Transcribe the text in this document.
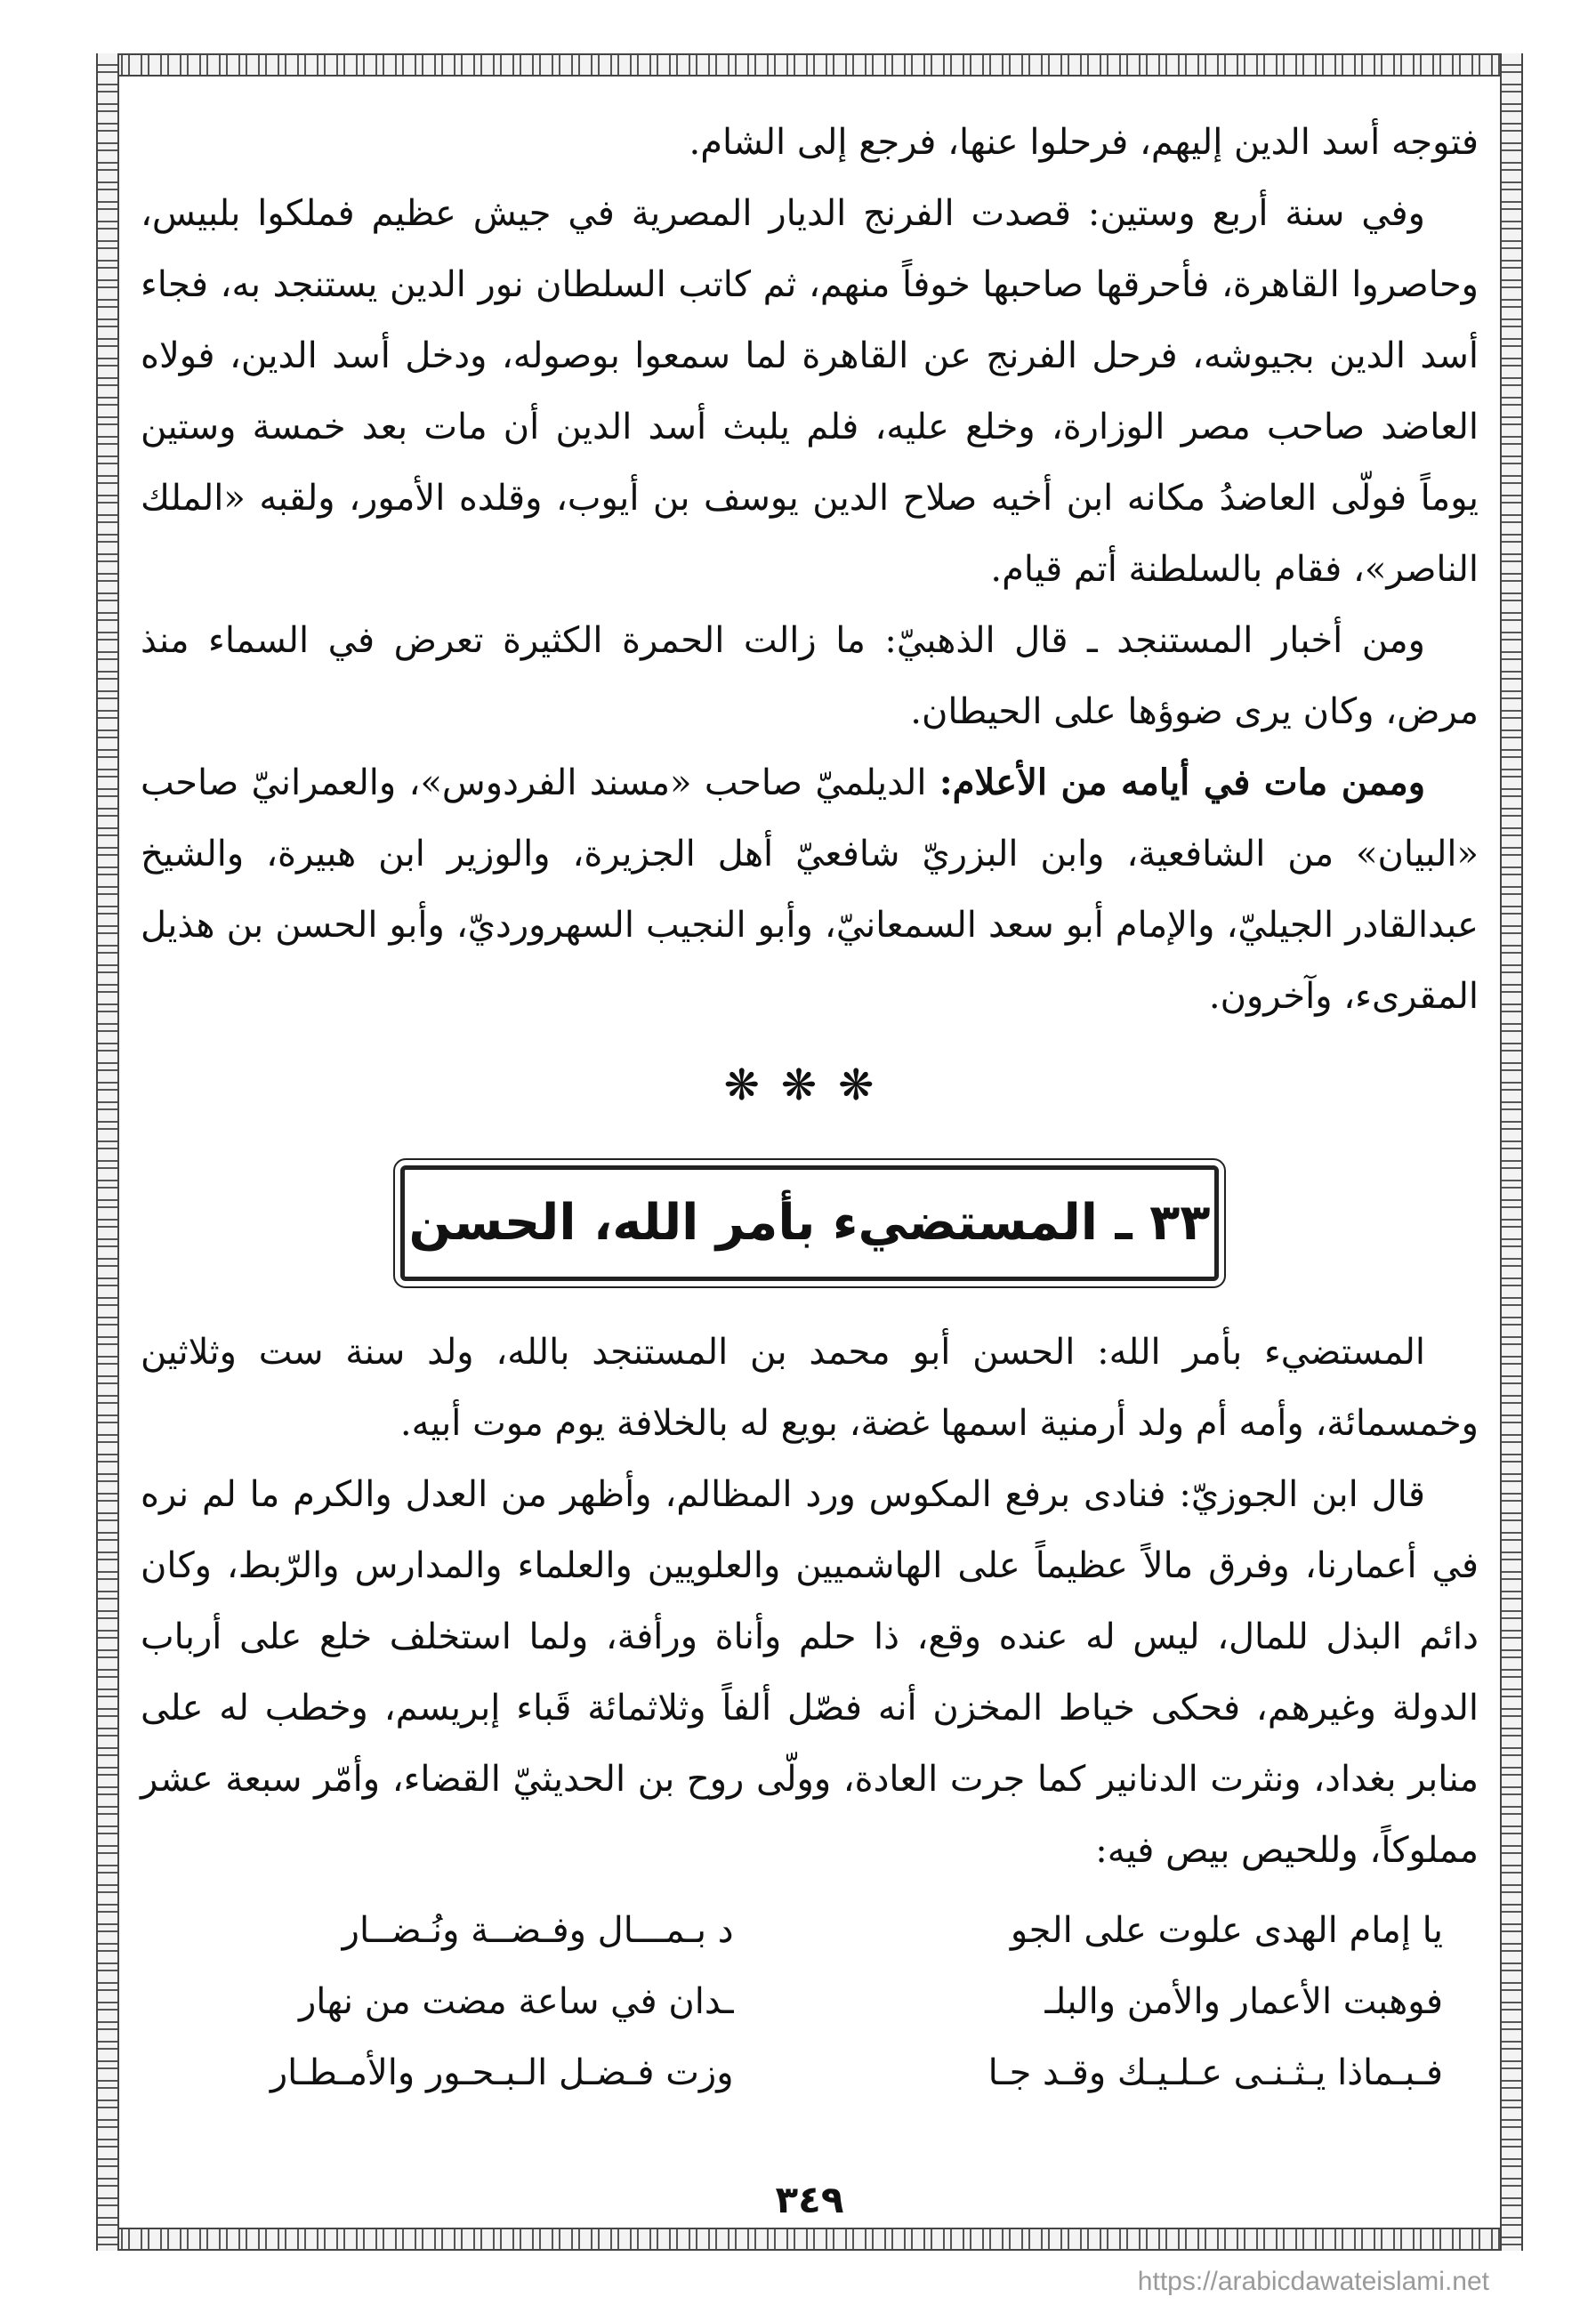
فتوجه أسد الدين إليهم، فرحلوا عنها، فرجع إلى الشام.

وفي سنة أربع وستين: قصدت الفرنج الديار المصرية في جيش عظيم فملكوا بلبيس، وحاصروا القاهرة، فأحرقها صاحبها خوفاً منهم، ثم كاتب السلطان نور الدين يستنجد به، فجاء أسد الدين بجيوشه، فرحل الفرنج عن القاهرة لما سمعوا بوصوله، ودخل أسد الدين، فولاه العاضد صاحب مصر الوزارة، وخلع عليه، فلم يلبث أسد الدين أن مات بعد خمسة وستين يوماً فولّى العاضدُ مكانه ابن أخيه صلاح الدين يوسف بن أيوب، وقلده الأمور، ولقبه «الملك الناصر»، فقام بالسلطنة أتم قيام.

ومن أخبار المستنجد ـ قال الذهبيّ: ما زالت الحمرة الكثيرة تعرض في السماء منذ مرض، وكان يرى ضوؤها على الحيطان.

وممن مات في أيامه من الأعلام: الديلميّ صاحب «مسند الفردوس»، والعمرانيّ صاحب «البيان» من الشافعية، وابن البزريّ شافعيّ أهل الجزيرة، والوزير ابن هبيرة، والشيخ عبدالقادر الجيليّ، والإمام أبو سعد السمعانيّ، وأبو النجيب السهرورديّ، وأبو الحسن بن هذيل المقرىء، وآخرون.

❋❋❋
٣٣ ـ المستضيء بأمر الله، الحسن

المستضيء بأمر الله: الحسن أبو محمد بن المستنجد بالله، ولد سنة ست وثلاثين وخمسمائة، وأمه أم ولد أرمنية اسمها غضة، بويع له بالخلافة يوم موت أبيه.

قال ابن الجوزيّ: فنادى برفع المكوس ورد المظالم، وأظهر من العدل والكرم ما لم نره في أعمارنا، وفرق مالاً عظيماً على الهاشميين والعلويين والعلماء والمدارس والرّبط، وكان دائم البذل للمال، ليس له عنده وقع، ذا حلم وأناة ورأفة، ولما استخلف خلع على أرباب الدولة وغيرهم، فحكى خياط المخزن أنه فصّل ألفاً وثلاثمائة قَباء إبريسم، وخطب له على منابر بغداد، ونثرت الدنانير كما جرت العادة، وولّى روح بن الحديثيّ القضاء، وأمّر سبعة عشر مملوكاً، وللحيص بيص فيه:

يا إمام الهدى علوت على الجو
د بـمـــال وفـضــة ونُـضــار
فوهبت الأعمار والأمن والبلـ
ـدان في ساعة مضت من نهار
فـبـماذا يـثـنـى عـلـيـك وقـد جـا
وزت فـضـل الـبـحـور والأمـطـار
٣٤٩
https://arabicdawateislami.net
